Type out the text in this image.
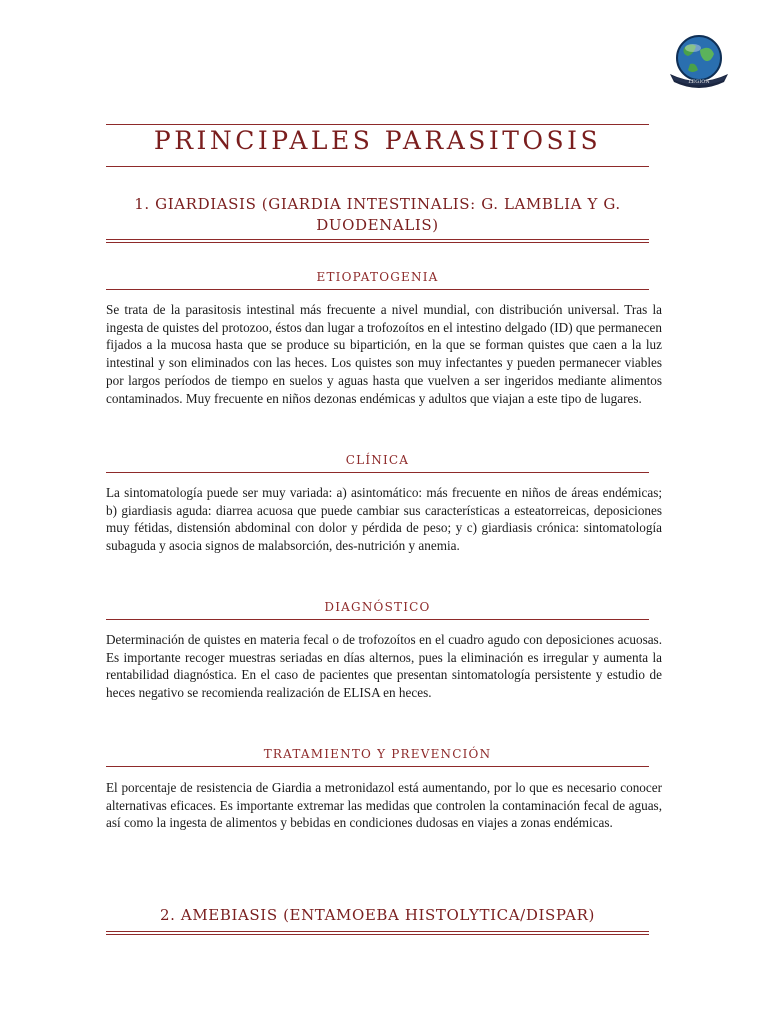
LEGION
PRINCIPALES PARASITOSIS
1. GIARDIASIS (GIARDIA INTESTINALIS: G. LAMBLIA Y G. DUODENALIS)
ETIOPATOGENIA

Se trata de la parasitosis intestinal más frecuente a nivel mundial, con distribución universal. Tras la ingesta de quistes del protozoo, éstos dan lugar a trofozoítos en el intestino delgado (ID) que permanecen fijados a la mucosa hasta que se produce su bipartición, en la que se forman quistes que caen a la luz intestinal y son eliminados con las heces. Los quistes son muy infectantes y pueden permanecer viables por largos períodos de tiempo en suelos y aguas hasta que vuelven a ser ingeridos mediante alimentos contaminados. Muy frecuente en niños dezonas endémicas y adultos que viajan a este tipo de lugares.

CLÍNICA

La sintomatología puede ser muy variada: a) asintomático: más frecuente en niños de áreas endémicas; b) giardiasis aguda: diarrea acuosa que puede cambiar sus características a esteatorreicas, deposiciones muy fétidas, distensión abdominal con dolor y pérdida de peso; y c) giardiasis crónica: sintomatología subaguda y asocia signos de malabsorción, des-nutrición y anemia.

DIAGNÓSTICO

Determinación de quistes en materia fecal o de trofozoítos en el cuadro agudo con deposiciones acuosas. Es importante recoger muestras seriadas en días alternos, pues la eliminación es irregular y aumenta la rentabilidad diagnóstica. En el caso de pacientes que presentan sintomatología persistente y estudio de heces negativo se recomienda realización de ELISA en heces.

TRATAMIENTO Y PREVENCIÓN

El porcentaje de resistencia de Giardia a metronidazol está aumentando, por lo que es necesario conocer alternativas eficaces. Es importante extremar las medidas que controlen la contaminación fecal de aguas, así como la ingesta de alimentos y bebidas en condiciones dudosas en viajes a zonas endémicas.

2. AMEBIASIS (ENTAMOEBA HISTOLYTICA/DISPAR)
